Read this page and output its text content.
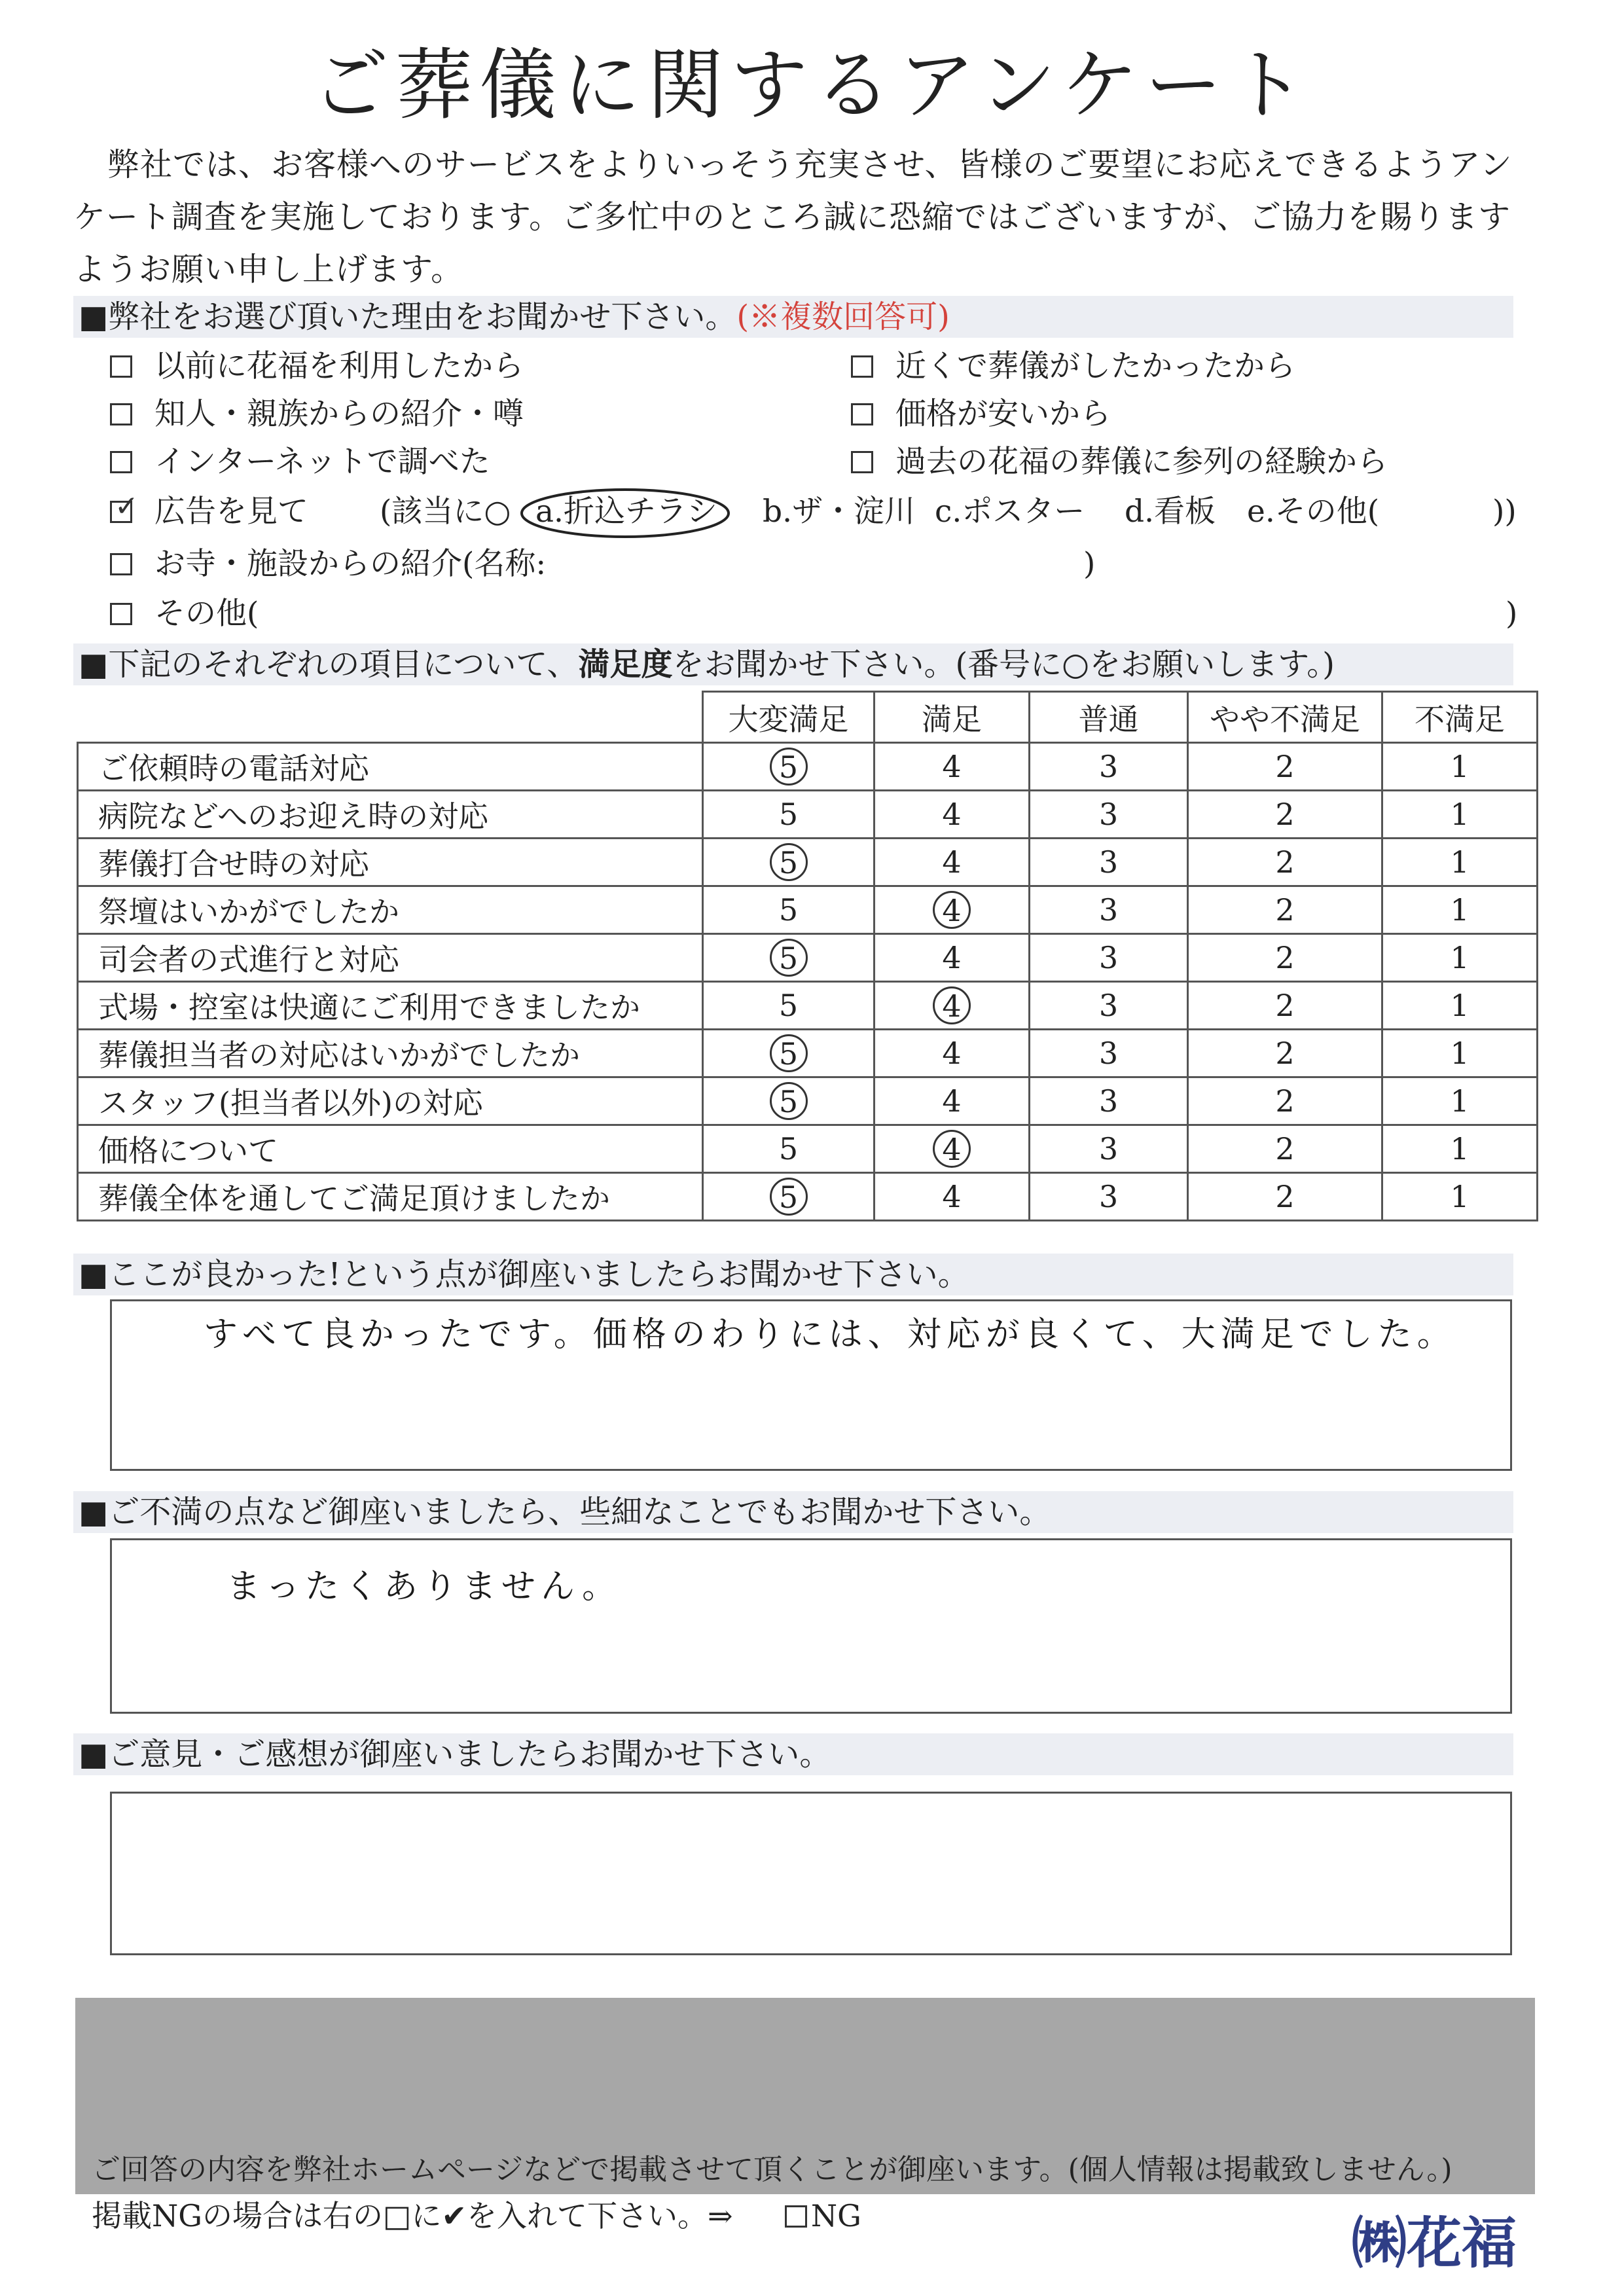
ご葬儀に関するアンケート
弊社では、お客様へのサービスをよりいっそう充実させ、皆様のご要望にお応えできるようアン
ケート調査を実施しております。ご多忙中のところ誠に恐縮ではございますが、ご協力を賜ります
ようお願い申し上げます。
■弊社をお選び頂いた理由をお聞かせ下さい。(※複数回答可)
以前に花福を利用したから
知人・親族からの紹介・噂
インターネットで調べた
近くで葬儀がしたかったから
価格が安いから
過去の花福の葬儀に参列の経験から
✓ 広告を見て (該当に○ a.折込チラシ b.ザ・淀川 c.ポスター d.看板 e.その他(	))
お寺・施設からの紹介(名称:	)
その他(	)
■下記のそれぞれの項目について、満足度をお聞かせ下さい。(番号に○をお願いします。)
	大変満足	満足	普通	やや不満足	不満足
ご依頼時の電話対応	5	4	3	2	1
病院などへのお迎え時の対応	5	4	3	2	1
葬儀打合せ時の対応	5	4	3	2	1
祭壇はいかがでしたか	5	4	3	2	1
司会者の式進行と対応	5	4	3	2	1
式場・控室は快適にご利用できましたか	5	4	3	2	1
葬儀担当者の対応はいかがでしたか	5	4	3	2	1
スタッフ(担当者以外)の対応	5	4	3	2	1
価格について	5	4	3	2	1
葬儀全体を通してご満足頂けましたか	5	4	3	2	1
■ここが良かった!という点が御座いましたらお聞かせ下さい。
すべて良かったです。価格のわりには、対応が良くて、大満足でした。
■ご不満の点など御座いましたら、些細なことでもお聞かせ下さい。
まったくありません。
■ご意見・ご感想が御座いましたらお聞かせ下さい。
ご回答の内容を弊社ホームページなどで掲載させて頂くことが御座います。(個人情報は掲載致しません。)
掲載NGの場合は右の□に✔を入れて下さい。⇒	NG	㈱花福
